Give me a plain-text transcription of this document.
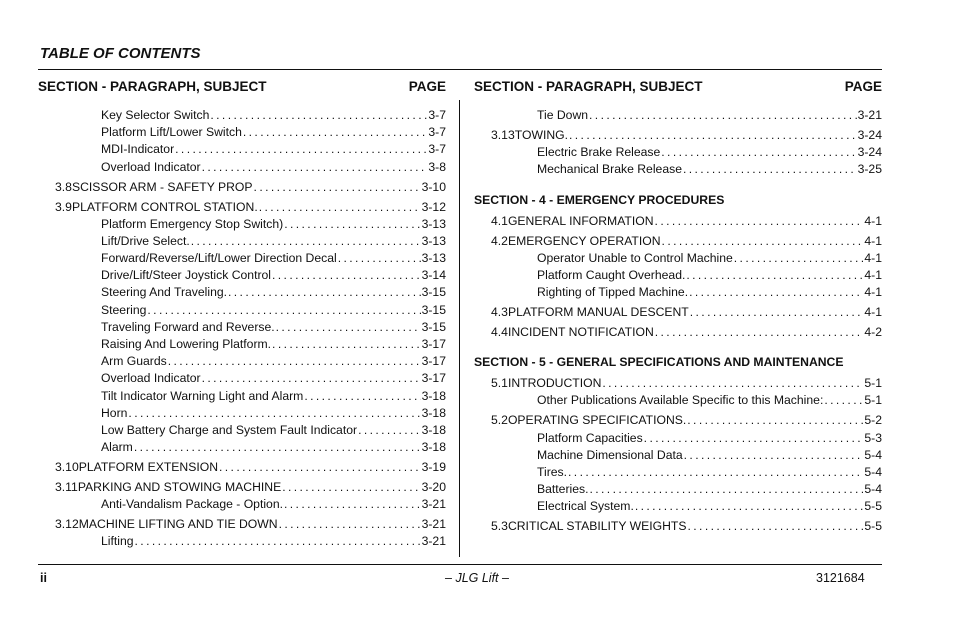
TABLE OF CONTENTS
SECTION - PARAGRAPH, SUBJECT	PAGE
Key Selector Switch . . .	3-7
Platform Lift/Lower Switch . . .	3-7
MDI-Indicator . . .	3-7
Overload Indicator . . .	3-8
3.8 SCISSOR ARM - SAFETY PROP . . .	3-10
3.9 PLATFORM CONTROL STATION. . . .	3-12
Platform Emergency Stop Switch) . . .	3-13
Lift/Drive Select. . . .	3-13
Forward/Reverse/Lift/Lower Direction Decal . . .	3-13
Drive/Lift/Steer Joystick Control . . .	3-14
Steering And Traveling. . . .	3-15
Steering . . .	3-15
Traveling Forward and Reverse. . . .	3-15
Raising And Lowering Platform. . . .	3-17
Arm Guards . . .	3-17
Overload Indicator . . .	3-17
Tilt Indicator Warning Light and Alarm . . .	3-18
Horn . . .	3-18
Low Battery Charge and System Fault Indicator . . .	3-18
Alarm . . .	3-18
3.10 PLATFORM EXTENSION . . .	3-19
3.11 PARKING AND STOWING MACHINE . . .	3-20
Anti-Vandalism Package - Option. . . .	3-21
3.12 MACHINE LIFTING AND TIE DOWN . . .	3-21
Lifting . . .	3-21
SECTION - PARAGRAPH, SUBJECT	PAGE
Tie Down . . .	3-21
3.13 TOWING. . . .	3-24
Electric Brake Release . . .	3-24
Mechanical Brake Release . . .	3-25
SECTION - 4 - EMERGENCY PROCEDURES
4.1 GENERAL INFORMATION . . .	4-1
4.2 EMERGENCY OPERATION . . .	4-1
Operator Unable to Control Machine . . .	4-1
Platform Caught Overhead. . . .	4-1
Righting of Tipped Machine. . . .	4-1
4.3 PLATFORM MANUAL DESCENT . . .	4-1
4.4 INCIDENT NOTIFICATION . . .	4-2
SECTION - 5 - GENERAL SPECIFICATIONS AND MAINTENANCE
5.1 INTRODUCTION . . .	5-1
Other Publications Available Specific to this Machine: . . .	5-1
5.2 OPERATING SPECIFICATIONS. . . .	5-2
Platform Capacities . . .	5-3
Machine Dimensional Data . . .	5-4
Tires. . . .	5-4
Batteries. . . .	5-4
Electrical System. . . .	5-5
5.3 CRITICAL STABILITY WEIGHTS . . .	5-5
ii	– JLG Lift –	3121684
